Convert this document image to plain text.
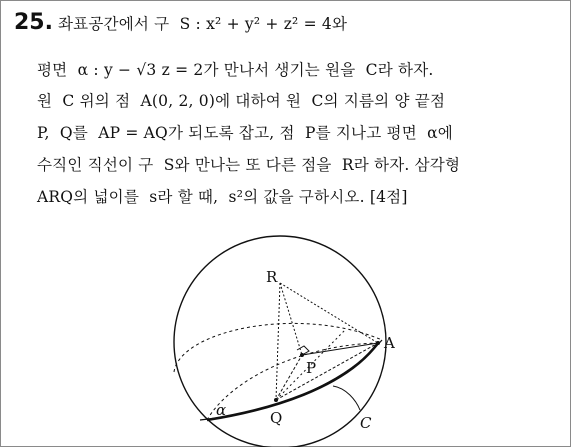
25. 좌표공간에서 구  S : x² + y² + z² = 4와
평면  α : y − √3 z = 2가 만나서 생기는 원을  C라 하자.
원  C 위의 점  A(0, 2, 0)에 대하여 원  C의 지름의 양 끝점
P,  Q를  AP = AQ가 되도록 잡고, 점  P를 지나고 평면  α에
수직인 직선이 구  S와 만나는 또 다른 점을  R라 하자. 삼각형
ARQ의 넓이를  s라 할 때,  s²의 값을 구하시오. [4점]
R
A
P
Q
α
C
